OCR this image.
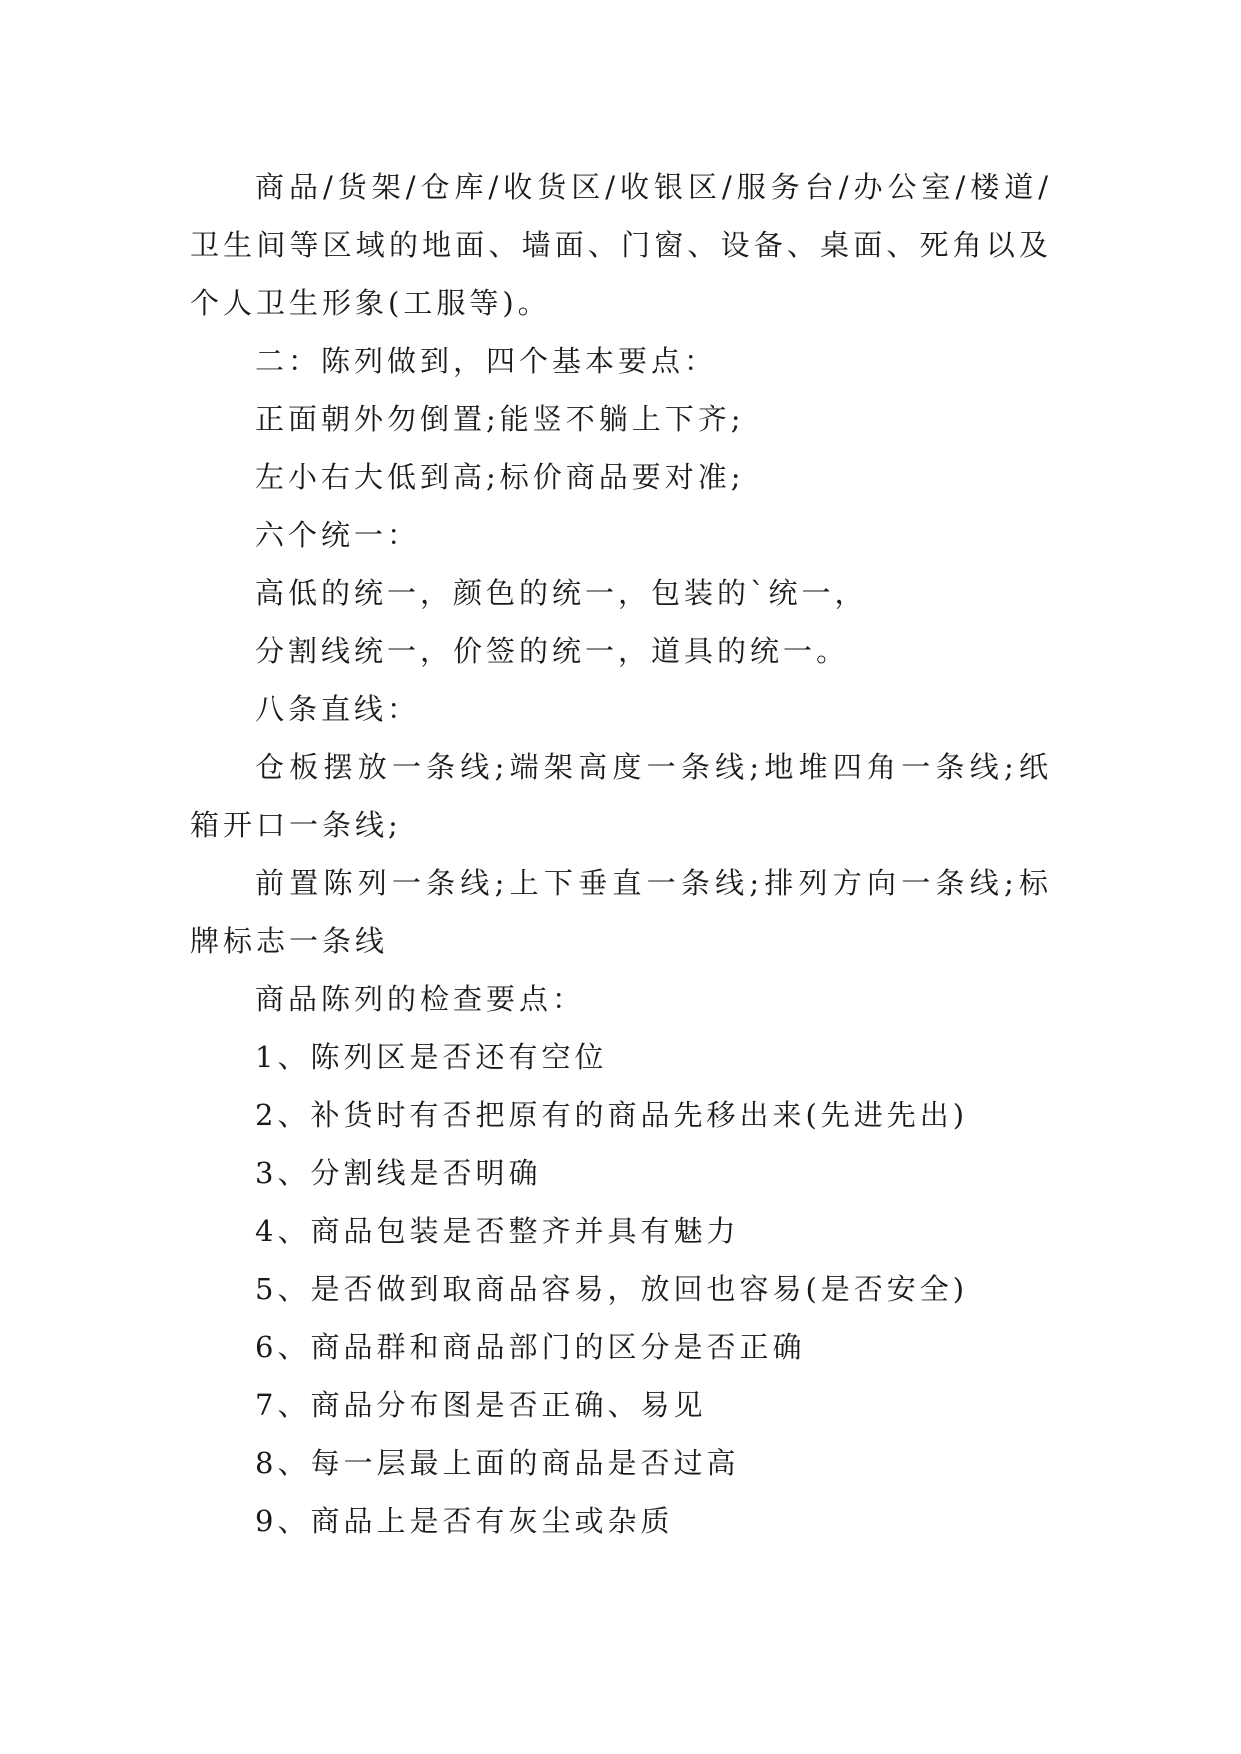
商品/货架/仓库/收货区/收银区/服务台/办公室/楼道/卫生间等区域的地面、墙面、门窗、设备、桌面、死角以及个人卫生形象(工服等)。

二：陈列做到，四个基本要点：

正面朝外勿倒置;能竖不躺上下齐;

左小右大低到高;标价商品要对准;

六个统一：

高低的统一，颜色的统一，包装的`统一，

分割线统一，价签的统一，道具的统一。

八条直线：

仓板摆放一条线;端架高度一条线;地堆四角一条线;纸箱开口一条线;

前置陈列一条线;上下垂直一条线;排列方向一条线;标牌标志一条线

商品陈列的检查要点：

1、陈列区是否还有空位

2、补货时有否把原有的商品先移出来(先进先出)

3、分割线是否明确

4、商品包装是否整齐并具有魅力

5、是否做到取商品容易，放回也容易(是否安全)

6、商品群和商品部门的区分是否正确

7、商品分布图是否正确、易见

8、每一层最上面的商品是否过高

9、商品上是否有灰尘或杂质
